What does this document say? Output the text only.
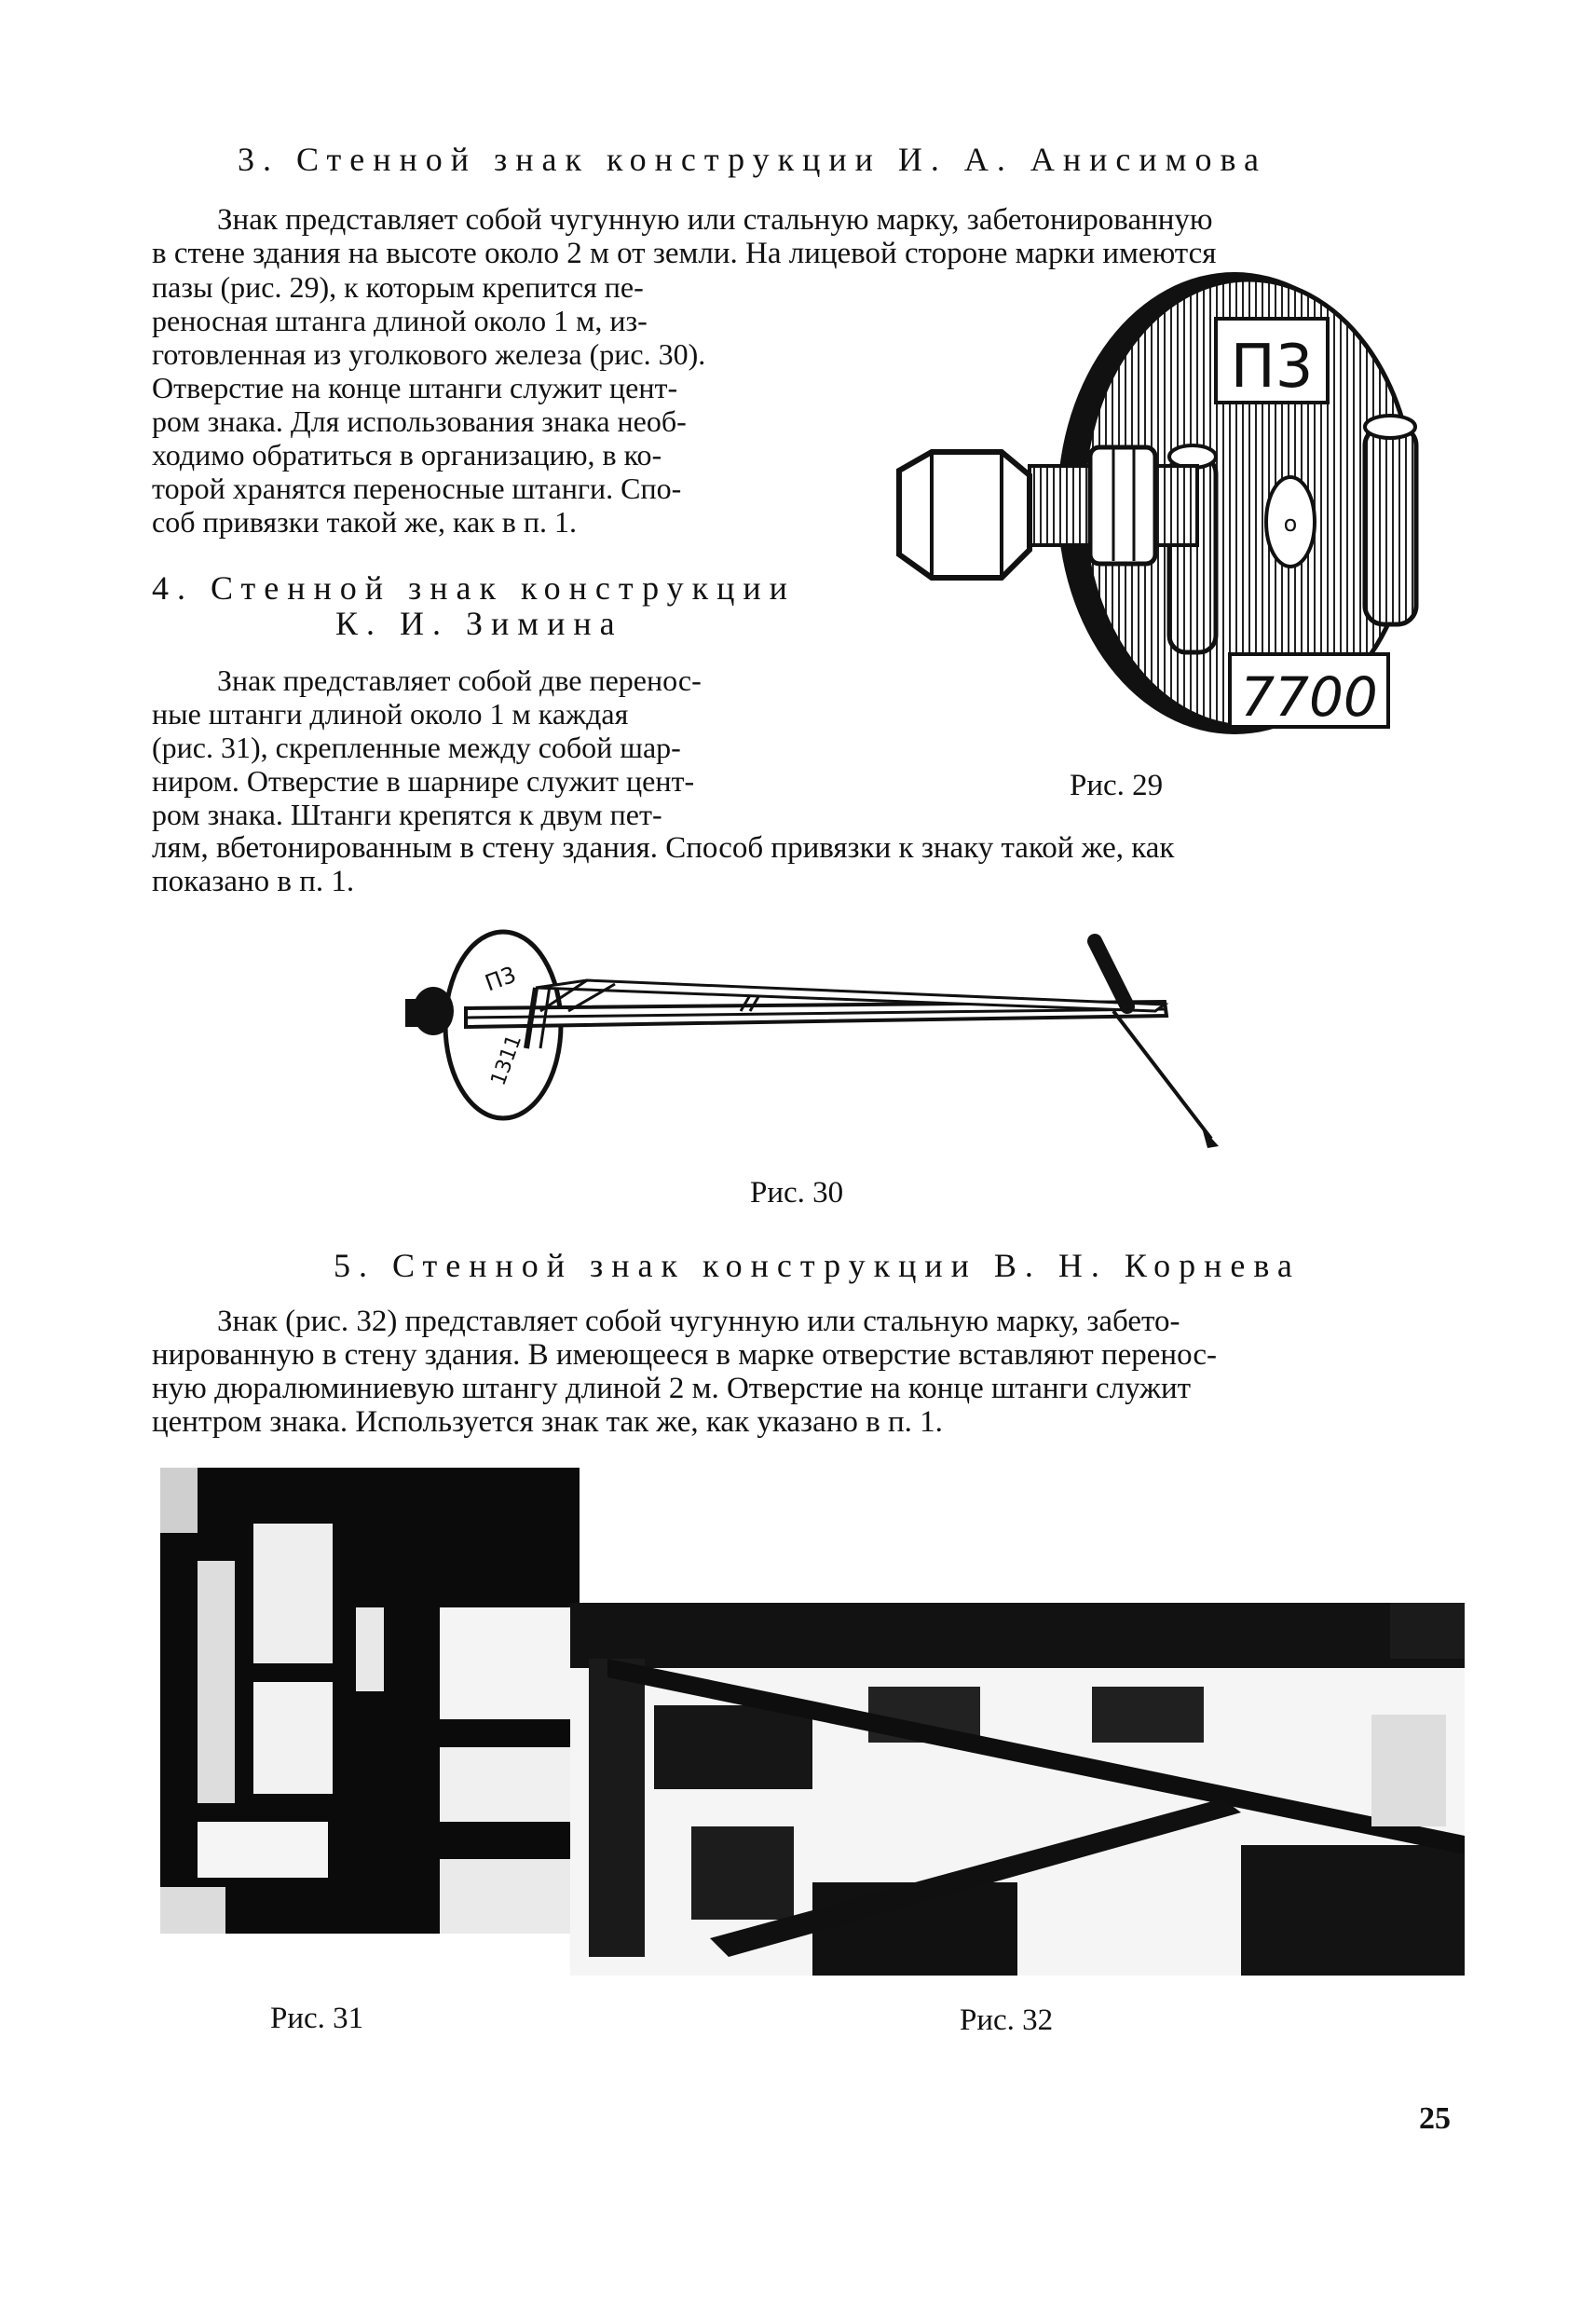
3. Стенной знак конструкции И. А. Анисимова
Знак представляет собой чугунную или стальную марку, забетонированную
в стене здания на высоте около 2 м от земли. На лицевой стороне марки имеются
пазы (рис. 29), к которым крепится пе-
реносная штанга длиной около 1 м, из-
готовленная из уголкового железа (рис. 30).
Отверстие на конце штанги служит цент-
ром знака. Для использования знака необ-
ходимо обратиться в организацию, в ко-
торой хранятся переносные штанги. Спо-
соб привязки такой же, как в п. 1.
4. Стенной знак конструкции
К. И. Зимина
Знак представляет собой две перенос-
ные штанги длиной около 1 м каждая
(рис. 31), скрепленные между собой шар-
ниром. Отверстие в шарнире служит цент-
ром знака. Штанги крепятся к двум пет-
лям, вбетонированным в стену здания. Способ привязки к знаку такой же, как
показано в п. 1.
П3
7700
o
Рис. 29
П3
1311
Рис. 30
5. Стенной знак конструкции В. Н. Корнева
Знак (рис. 32) представляет собой чугунную или стальную марку, забето-
нированную в стену здания. В имеющееся в марке отверстие вставляют перенос-
ную дюралюминиевую штангу длиной 2 м. Отверстие на конце штанги служит
центром знака. Используется знак так же, как указано в п. 1.
Рис. 31	Рис. 32
25
